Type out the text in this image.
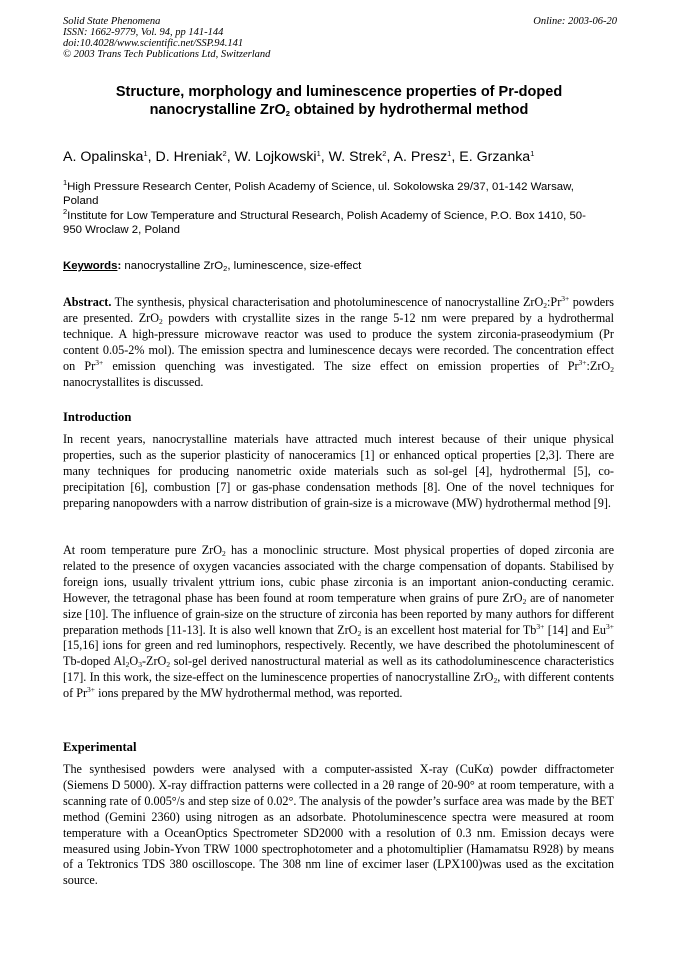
Solid State Phenomena
ISSN: 1662-9779, Vol. 94, pp 141-144
doi:10.4028/www.scientific.net/SSP.94.141
© 2003 Trans Tech Publications Ltd, Switzerland
Online: 2003-06-20
Structure, morphology and luminescence properties of Pr-doped nanocrystalline ZrO$_2$ obtained by hydrothermal method
A. Opalinska$^1$, D. Hreniak$^2$, W. Lojkowski$^1$, W. Strek$^2$, A. Presz$^1$, E. Grzanka$^1$

$^1$High Pressure Research Center, Polish Academy of Science, ul. Sokolowska 29/37, 01-142 Warsaw, Poland

$^2$Institute for Low Temperature and Structural Research, Polish Academy of Science, P.O. Box 1410, 50-950 Wroclaw 2, Poland

Keywords: nanocrystalline ZrO$_2$, luminescence, size-effect

Abstract. The synthesis, physical characterisation and photoluminescence of nanocrystalline $ZrO_2:Pr^{3+}$ powders are presented. ZrO$_2$ powders with crystallite sizes in the range 5-12 nm were prepared by a hydrothermal technique. A high-pressure microwave reactor was used to produce the system zirconia-praseodymium (Pr content 0.05-2% mol). The emission spectra and luminescence decays were recorded. The concentration effect on $Pr^{3+}$ emission quenching was investigated. The size effect on emission properties of $Pr^{3+}:ZrO_2$ nanocrystallites is discussed.

Introduction

In recent years, nanocrystalline materials have attracted much interest because of their unique physical properties, such as the superior plasticity of nanoceramics [1] or enhanced optical properties [2,3]. There are many techniques for producing nanometric oxide materials such as sol-gel [4], hydrothermal [5], co-precipitation [6], combustion [7] or gas-phase condensation methods [8]. One of the novel techniques for preparing nanopowders with a narrow distribution of grain-size is a microwave (MW) hydrothermal method [9].

At room temperature pure ZrO$_2$ has a monoclinic structure. Most physical properties of doped zirconia are related to the presence of oxygen vacancies associated with the charge compensation of dopants. Stabilised by foreign ions, usually trivalent yttrium ions, cubic phase zirconia is an important anion-conducting ceramic. However, the tetragonal phase has been found at room temperature when grains of pure ZrO$_2$ are of nanometer size [10]. The influence of grain-size on the structure of zirconia has been reported by many authors for different preparation methods [11-13]. It is also well known that ZrO$_2$ is an excellent host material for $Tb^{3+}$ [14] and $Eu^{3+}$ [15,16] ions for green and red luminophors, respectively. Recently, we have described the photoluminescent of Tb-doped $Al_2O_3-ZrO_2$ sol-gel derived nanostructural material as well as its cathodoluminescence characteristics [17]. In this work, the size-effect on the luminescence properties of nanocrystalline ZrO$_2$, with different contents of $Pr^{3+}$ ions prepared by the MW hydrothermal method, was reported.

Experimental

The synthesised powders were analysed with a computer-assisted X-ray (CuKα) powder diffractometer (Siemens D 5000). X-ray diffraction patterns were collected in a 2θ range of 20-90° at room temperature, with a scanning rate of 0.005°/s and step size of 0.02°. The analysis of the powder’s surface area was made by the BET method (Gemini 2360) using nitrogen as an adsorbate. Photoluminescence spectra were measured at room temperature with a OceanOptics Spectrometer SD2000 with a resolution of 0.3 nm. Emission decays were measured using Jobin-Yvon TRW 1000 spectrophotometer and a photomultiplier (Hamamatsu R928) by means of a Tektronics TDS 380 oscilloscope. The 308 nm line of excimer laser (LPX100)was used as the excitation source.
